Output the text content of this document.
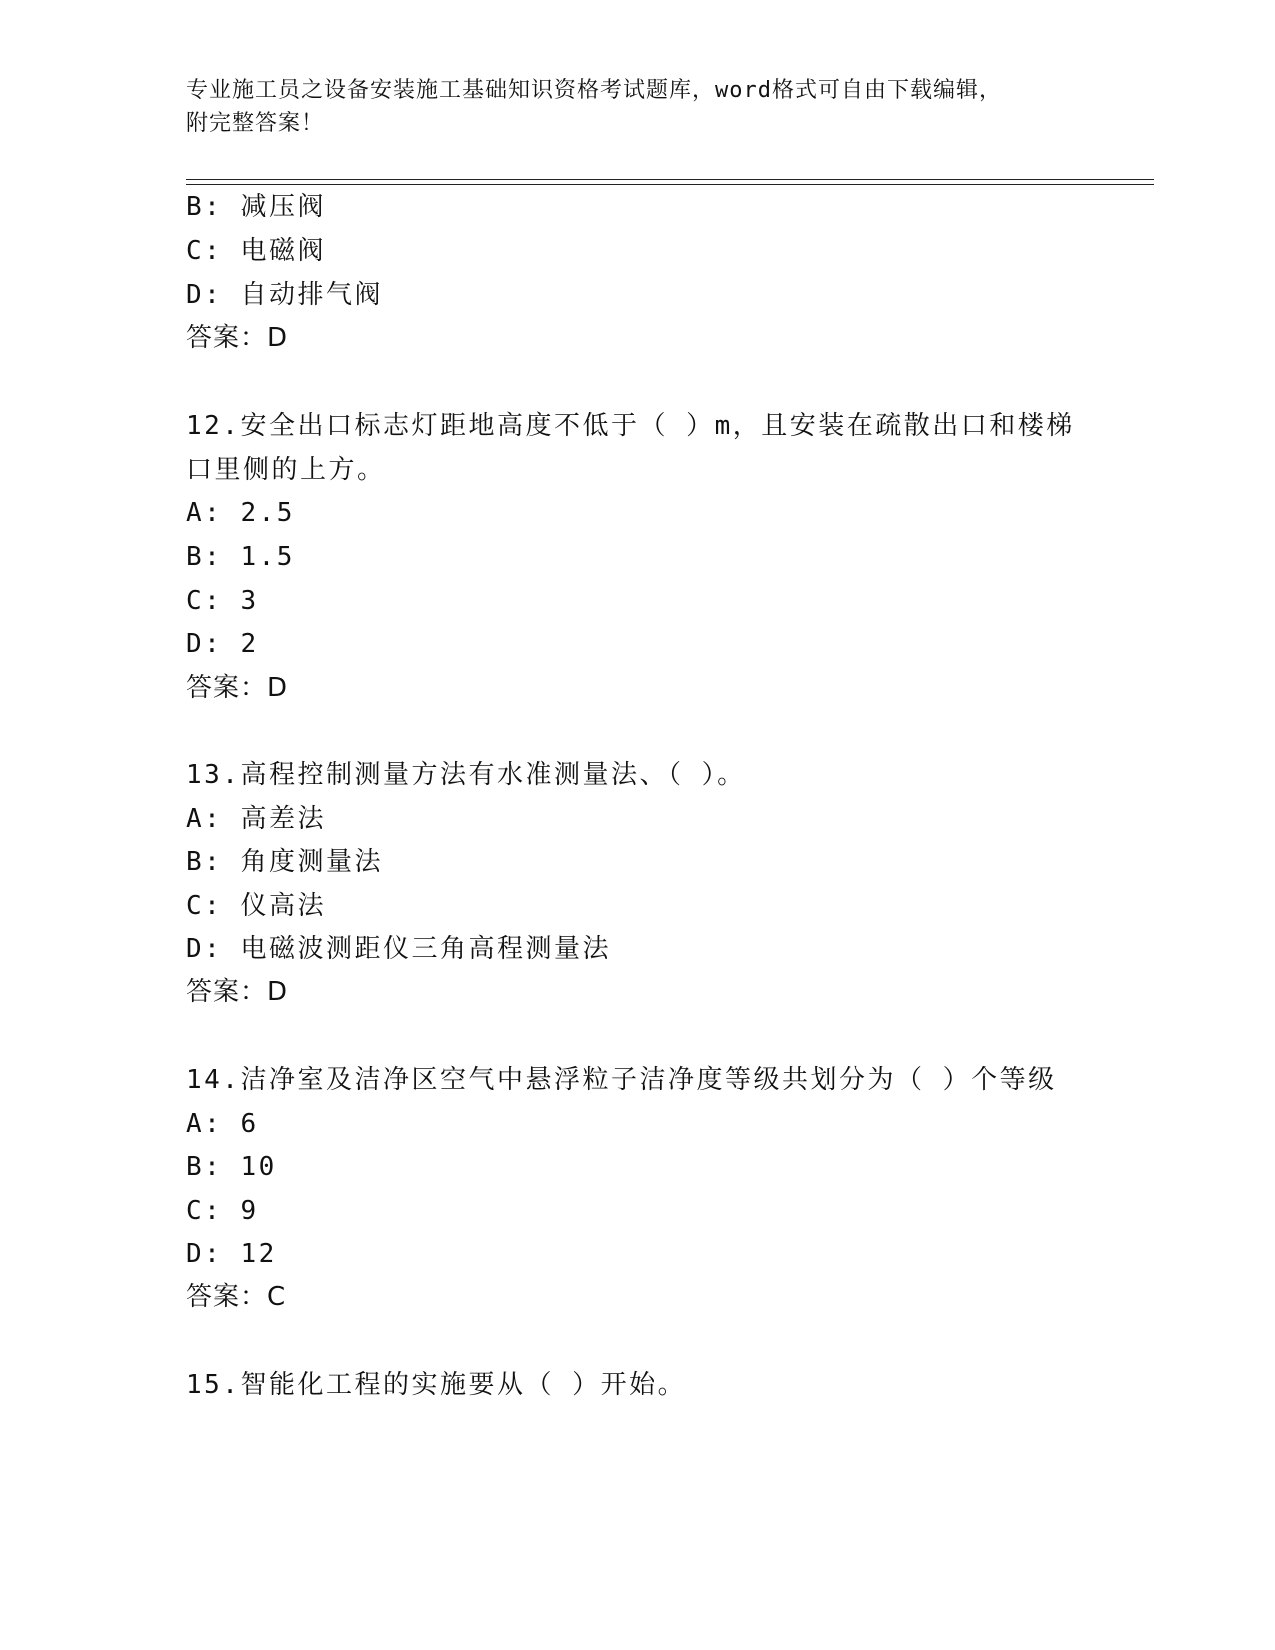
专业施工员之设备安装施工基础知识资格考试题库，word格式可自由下载编辑，
附完整答案！
B: 减压阀
C: 电磁阀
D: 自动排气阀
答案：D
12.安全出口标志灯距地高度不低于（ ）m，且安装在疏散出口和楼梯
口里侧的上方。
A: 2.5
B: 1.5
C: 3
D: 2
答案：D
13.高程控制测量方法有水准测量法、（ ）。
A: 高差法
B: 角度测量法
C: 仪高法
D: 电磁波测距仪三角高程测量法
答案：D
14.洁净室及洁净区空气中悬浮粒子洁净度等级共划分为（ ）个等级
A: 6
B: 10
C: 9
D: 12
答案：C
15.智能化工程的实施要从（ ）开始。
